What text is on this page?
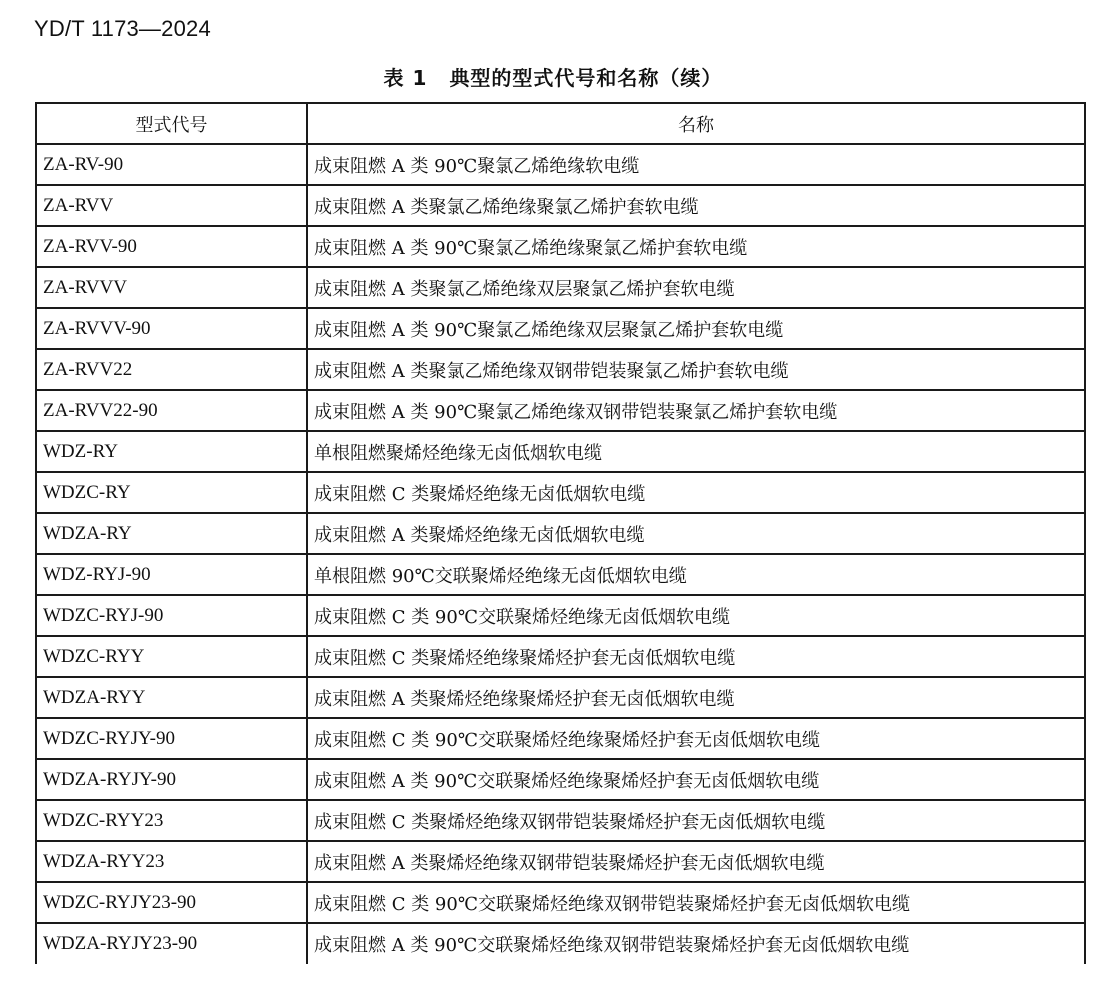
YD/T 1173—2024
表 1 典型的型式代号和名称（续）
型式代号	名称
ZA-RV-90	成束阻燃 A 类 90℃聚氯乙烯绝缘软电缆
ZA-RVV	成束阻燃 A 类聚氯乙烯绝缘聚氯乙烯护套软电缆
ZA-RVV-90	成束阻燃 A 类 90℃聚氯乙烯绝缘聚氯乙烯护套软电缆
ZA-RVVV	成束阻燃 A 类聚氯乙烯绝缘双层聚氯乙烯护套软电缆
ZA-RVVV-90	成束阻燃 A 类 90℃聚氯乙烯绝缘双层聚氯乙烯护套软电缆
ZA-RVV22	成束阻燃 A 类聚氯乙烯绝缘双钢带铠装聚氯乙烯护套软电缆
ZA-RVV22-90	成束阻燃 A 类 90℃聚氯乙烯绝缘双钢带铠装聚氯乙烯护套软电缆
WDZ-RY	单根阻燃聚烯烃绝缘无卤低烟软电缆
WDZC-RY	成束阻燃 C 类聚烯烃绝缘无卤低烟软电缆
WDZA-RY	成束阻燃 A 类聚烯烃绝缘无卤低烟软电缆
WDZ-RYJ-90	单根阻燃 90℃交联聚烯烃绝缘无卤低烟软电缆
WDZC-RYJ-90	成束阻燃 C 类 90℃交联聚烯烃绝缘无卤低烟软电缆
WDZC-RYY	成束阻燃 C 类聚烯烃绝缘聚烯烃护套无卤低烟软电缆
WDZA-RYY	成束阻燃 A 类聚烯烃绝缘聚烯烃护套无卤低烟软电缆
WDZC-RYJY-90	成束阻燃 C 类 90℃交联聚烯烃绝缘聚烯烃护套无卤低烟软电缆
WDZA-RYJY-90	成束阻燃 A 类 90℃交联聚烯烃绝缘聚烯烃护套无卤低烟软电缆
WDZC-RYY23	成束阻燃 C 类聚烯烃绝缘双钢带铠装聚烯烃护套无卤低烟软电缆
WDZA-RYY23	成束阻燃 A 类聚烯烃绝缘双钢带铠装聚烯烃护套无卤低烟软电缆
WDZC-RYJY23-90	成束阻燃 C 类 90℃交联聚烯烃绝缘双钢带铠装聚烯烃护套无卤低烟软电缆
WDZA-RYJY23-90	成束阻燃 A 类 90℃交联聚烯烃绝缘双钢带铠装聚烯烃护套无卤低烟软电缆
